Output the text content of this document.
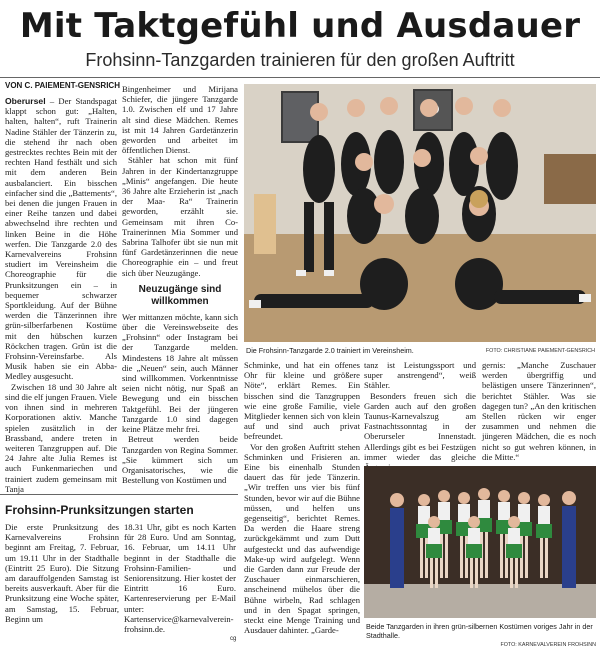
Mit Taktgefühl und Ausdauer
Frohsinn-Tanzgarden trainieren für den großen Auftritt
VON C. PAIEMENT-GENSRICH

Oberursel – Der Standspagat klappt schon gut: „Halten, halten, halten“, ruft Trainerin Nadine Stähler der Tänzerin zu, die stehend ihr nach oben gestrecktes rechtes Bein mit der rechten Hand festhält und sich mit dem anderen Bein ausbalanciert. Ein bisschen einfacher sind die „Battements“, bei denen die jungen Frauen in einer Reihe tanzen und dabei abwechselnd ihre rechten und linken Beine in die Höhe werfen. Die Tanzgarde 2.0 des Karnevalvereins Frohsinn studiert im Vereinsheim die Choreographie für die Prunksitzungen ein – in bequemer schwarzer Sportkleidung. Auf der Bühne werden die Tänzerinnen ihre grün-silberfarbenen Kostüme mit den hübschen kurzen Röckchen tragen. Grün ist die Frohsinn-Vereinsfarbe. Als Musik haben sie ein Abba-Medley ausgesucht.

Zwischen 18 und 30 Jahre alt sind die elf jungen Frauen. Viele von ihnen sind in mehreren Korporationen aktiv. Manche spielen zusätzlich in der Brassband, andere treten in weiteren Tanzgruppen auf. Die 24 Jahre alte Julia Remes ist auch Funkenmariechen und trainiert zudem gemeinsam mit Tanja

Bingenheimer und Mirijana Schiefer, die jüngere Tanzgarde 1.0. Zwischen elf und 17 Jahre alt sind diese Mädchen. Remes ist mit 14 Jahren Gardetänzerin geworden und arbeitet im öffentlichen Dienst.

Stähler hat schon mit fünf Jahren in der Kindertanzgruppe „Minis“ angefangen. Die heute 36 Jahre alte Erzieherin ist „nach der Maa- Ra“ Trainerin geworden, erzählt sie. Gemeinsam mit ihren Co-Trainerinnen Mia Sommer und Sabrina Talhofer übt sie nun mit fünf Gardetänzerinnen die neue Choreographie ein – und freut sich über Neuzugänge.

Neuzugänge sind willkommen

Wer mittanzen möchte, kann sich über die Vereinswebseite des „Frohsinn“ oder Instagram bei der Tanzgarde melden. Mindestens 18 Jahre alt müssen die „Neuen“ sein, auch Männer sind willkommen. Vorkenntnisse seien nicht nötig, nur Spaß an Bewegung und ein bisschen Taktgefühl. Bei der jüngeren Tanzgarde 1.0 sind dagegen keine Plätze mehr frei.

Betreut werden beide Tanzgarden von Regina Sommer. „Sie kümmert sich um Organisatorisches, wie die Bestellung von Kostümen und

Die Frohsinn-Tanzgarde 2.0 trainiert im Vereinsheim.	FOTO: CHRISTIANE PAIEMENT-GENSRICH

Schminke, und hat ein offenes Ohr für kleine und größere Nöte“, erklärt Remes. Ein bisschen sind die Tanzgruppen wie eine große Familie, viele Mitglieder kennen sich von klein auf und sind auch privat befreundet.

Vor den großen Auftritt stehen Schminken und Frisieren an. Eine bis einenhalb Stunden dauert das für jede Tänzerin. „Wir treffen uns vier bis fünf Stunden, bevor wir auf die Bühne müssen, und helfen uns gegenseitig“, berichtet Remes. Da werden die Haare streng zurückgekämmt und zum Dutt aufgesteckt und das aufwendige Make-up wird aufgelegt. Wenn die Garden dann zur Freude der Zuschauer einmarschieren, anscheinend mühelos über die Bühne wirbeln, Rad schlagen und in den Spagat springen, steckt eine Menge Training und Ausdauer dahinter. „Garde-

tanz ist Leistungssport und super anstrengend“, weiß Stähler.

Besonders freuen sich die Garden auch auf den großen Taunus-Karnevalszug am Fastnachtssonntag in der Oberurseler Innenstadt. Allerdings gibt es bei Festzügen immer wieder das gleiche

gernis: „Manche Zuschauer werden übergriffig und belästigen unsere Tänzerinnen“, berichtet Stähler. Was sie dagegen tun? „An den kritischen Stellen rücken wir enger zusammen und nehmen die jüngeren Mädchen, die es noch nicht so gut wehren können, in die Mitte.“

Beide Tanzgarden in ihren grün-silbernen Kostümen voriges Jahr in der Stadthalle.
FOTO: KARNEVALVEREIN FROHSINN
Frohsinn-Prunksitzungen starten

Die erste Prunksitzung des Karnevalvereins Frohsinn beginnt am Freitag, 7. Februar, um 19.11 Uhr in der Stadthalle (Eintritt 25 Euro). Die Sitzung am darauffolgenden Samstag ist bereits ausverkauft. Aber für die Prunksitzung eine Woche später, am Samstag, 15. Februar, Beginn um

18.31 Uhr, gibt es noch Karten für 28 Euro. Und am Sonntag, 16. Februar, um 14.11 Uhr beginnt in der Stadthalle die Frohsinn-Familien- und Seniorensitzung. Hier kostet der Eintritt 16 Euro. Kartenreservierung per E-Mail unter: Kartenservice@karnevalverein-frohsinn.de.

cg
